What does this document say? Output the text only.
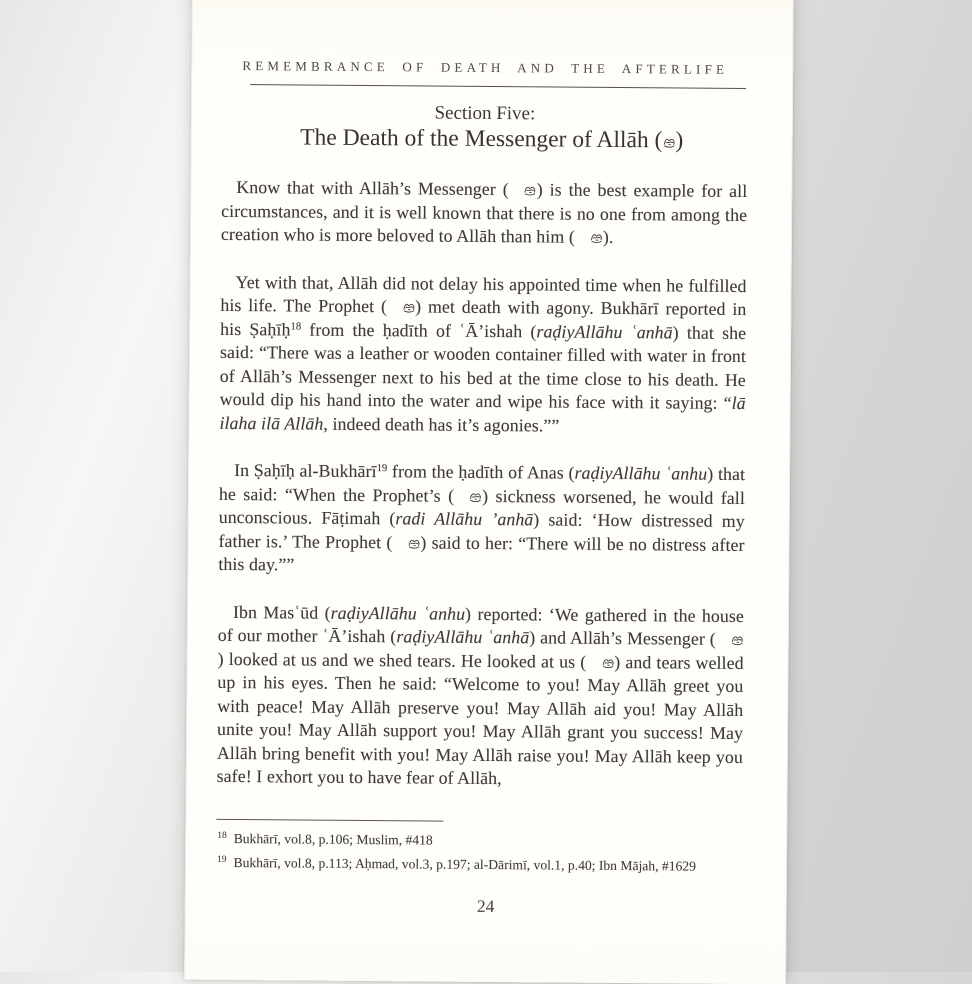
REMEMBRANCE OF DEATH AND THE AFTERLIFE
Section Five:
The Death of the Messenger of Allāh ( )

Know that with Allāh’s Messenger ( ) is the best example for all circumstances, and it is well known that there is no one from among the creation who is more beloved to Allāh than him ( ).

Yet with that, Allāh did not delay his appointed time when he fulfilled his life. The Prophet ( ) met death with agony. Bukhārī reported in his Ṣaḥīḥ$^{18}$ from the ḥadīth of ʿĀ’ishah (raḍiyAllāhu ʿanhā) that she said: “There was a leather or wooden container filled with water in front of Allāh’s Messenger next to his bed at the time close to his death. He would dip his hand into the water and wipe his face with it saying: “lā ilaha ilā Allāh, indeed death has it’s agonies.””

In Ṣaḥīḥ al-Bukhārī$^{19}$ from the ḥadīth of Anas (raḍiyAllāhu ʿanhu) that he said: “When the Prophet’s ( ) sickness worsened, he would fall unconscious. Fāṭimah (radi Allāhu ’anhā) said: ‘How distressed my father is.’ The Prophet ( ) said to her: “There will be no distress after this day.””

Ibn Masʿūd (raḍiyAllāhu ʿanhu) reported: ‘We gathered in the house of our mother ʿĀ’ishah (raḍiyAllāhu ʿanhā) and Allāh’s Messenger () looked at us and we shed tears. He looked at us ( ) and tears welled up in his eyes. Then he said: “Welcome to you! May Allāh greet you with peace! May Allāh preserve you! May Allāh aid you! May Allāh unite you! May Allāh support you! May Allāh grant you success! May Allāh bring benefit with you! May Allāh raise you! May Allāh keep you safe! I exhort you to have fear of Allāh,

$^{18}$ Bukhārī, vol.8, p.106; Muslim, #418
$^{19}$ Bukhārī, vol.8, p.113; Aḥmad, vol.3, p.197; al-Dārimī, vol.1, p.40; Ibn Mājah, #1629
24
